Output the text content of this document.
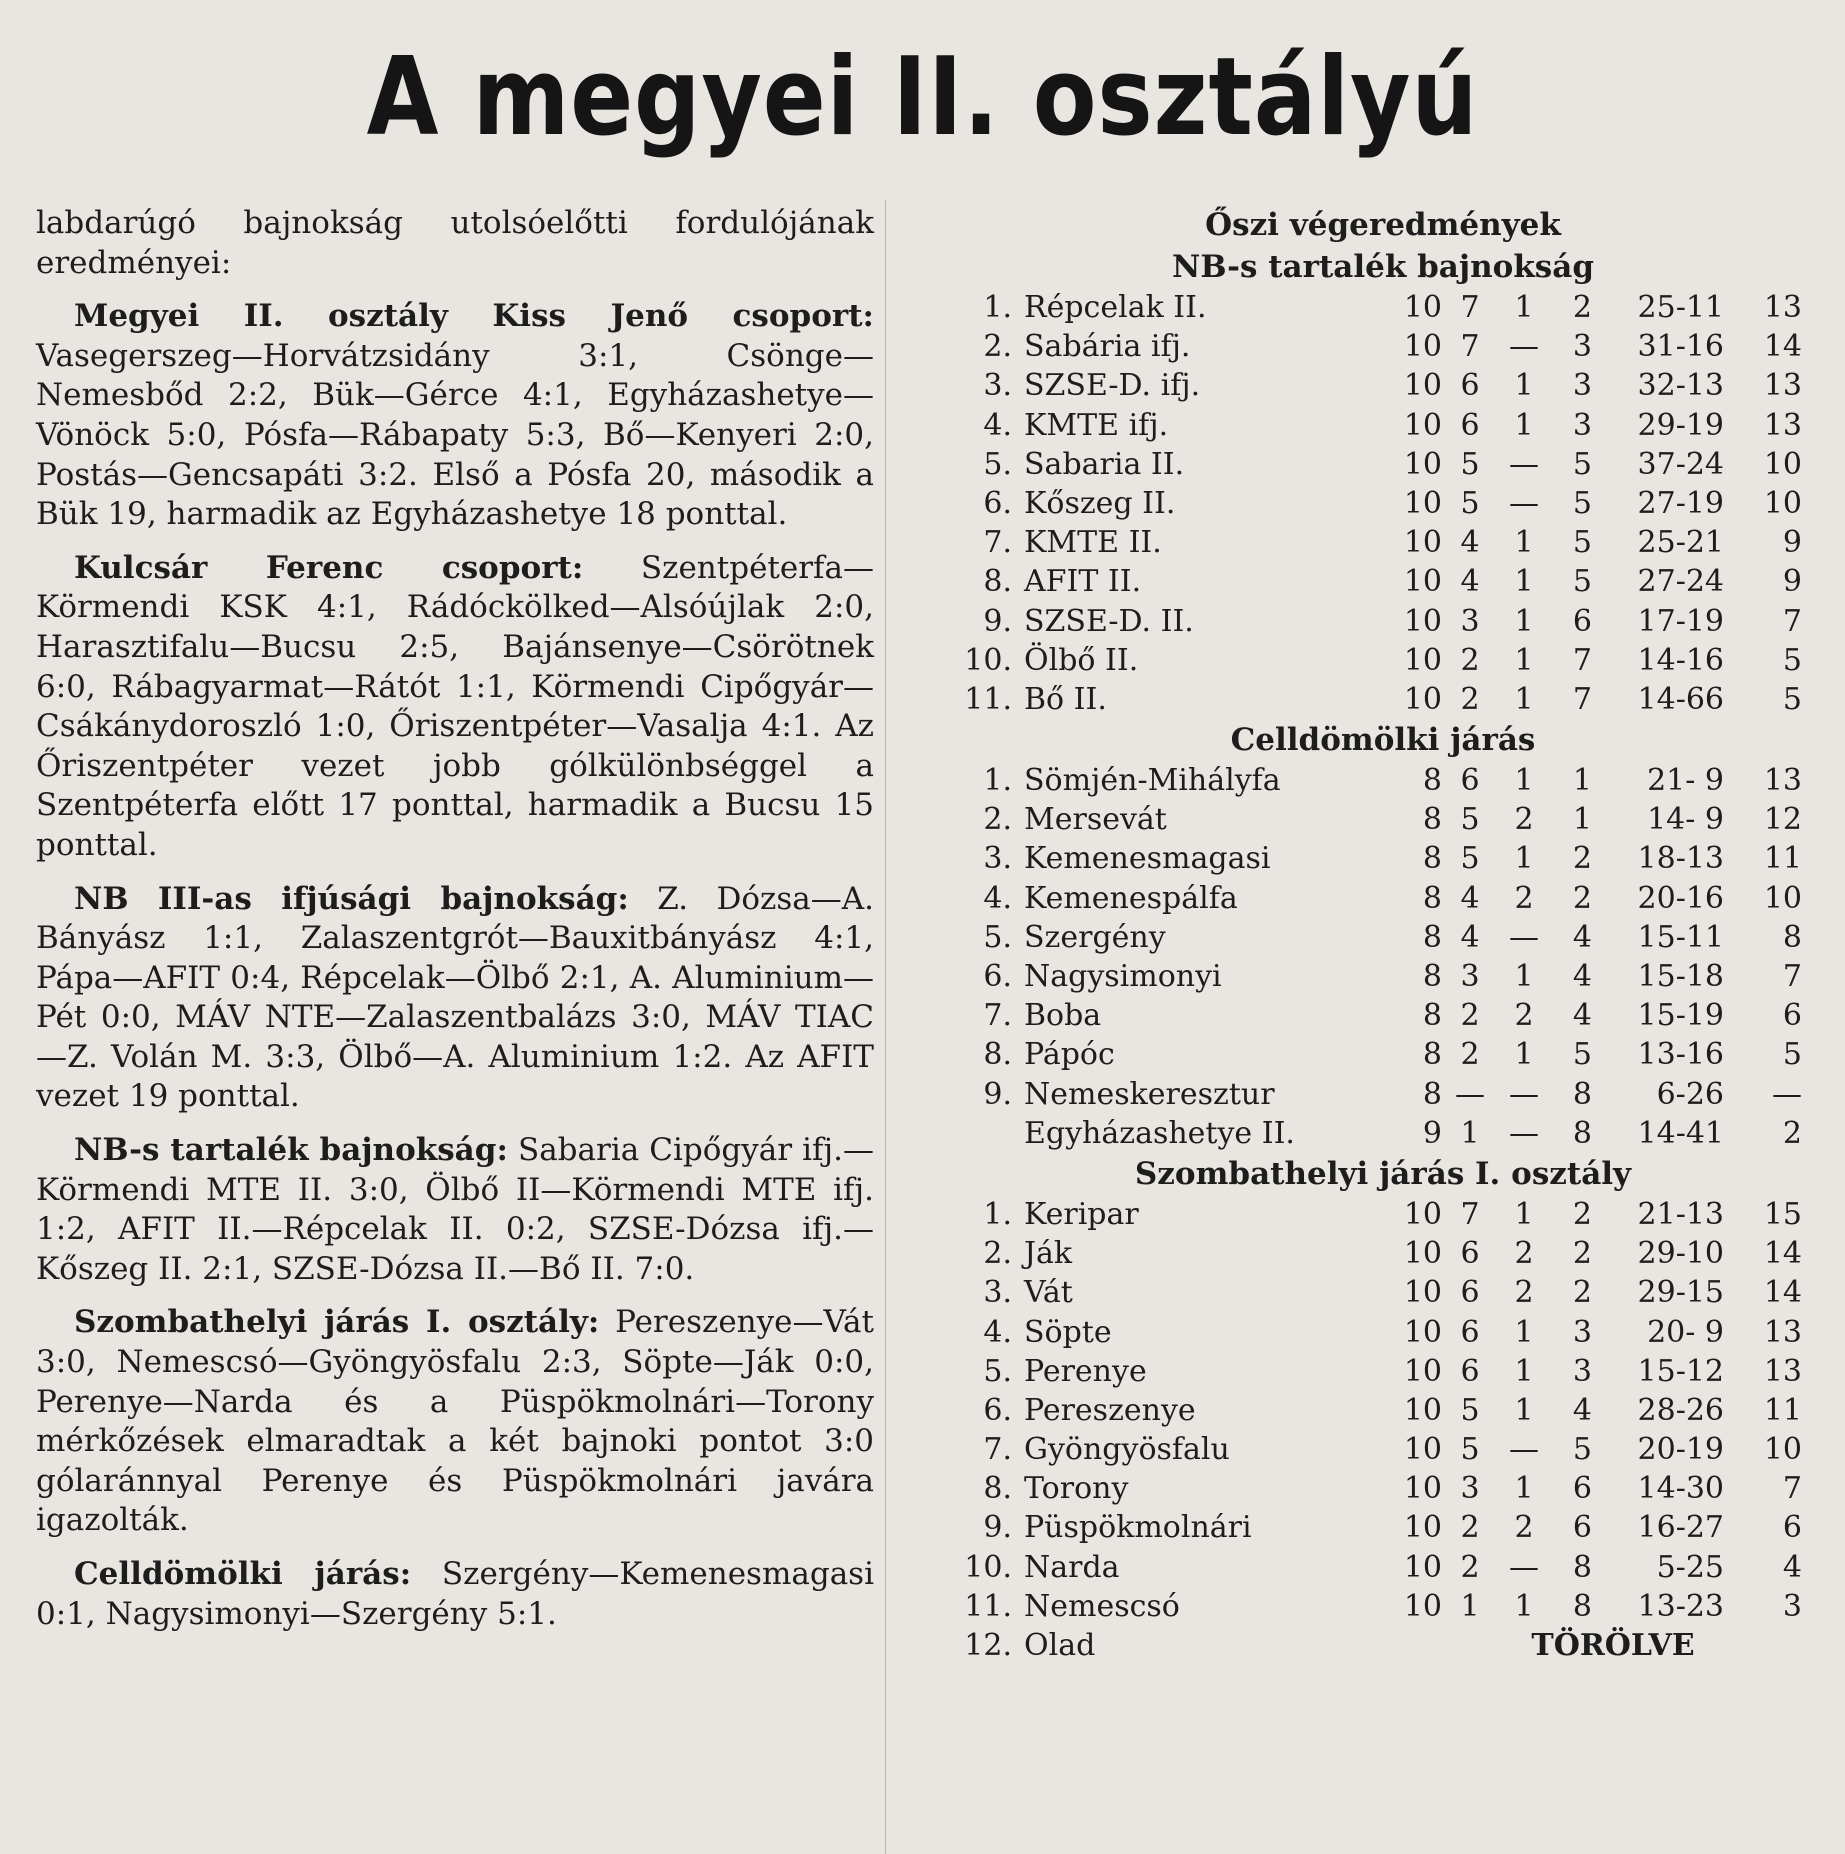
A megyei II. osztályú

labdarúgó bajnokság utolsóelőtti fordulójának eredményei:

Megyei II. osztály Kiss Jenő csoport: Vasegerszeg—Horvátzsidány 3:1, Csönge—Nemesbőd 2:2, Bük—Gérce 4:1, Egyházashetye—Vönöck 5:0, Pósfa—Rábapaty 5:3, Bő—Kenyeri 2:0, Postás—Gencsapáti 3:2. Első a Pósfa 20, második a Bük 19, harmadik az Egyházashetye 18 ponttal.

Kulcsár Ferenc csoport: Szentpéterfa—Körmendi KSK 4:1, Rádóckölked—Alsóújlak 2:0, Harasztifalu—Bucsu 2:5, Bajánsenye—Csörötnek 6:0, Rábagyarmat—Rátót 1:1, Körmendi Cipőgyár—Csákánydoroszló 1:0, Őriszentpéter—Vasalja 4:1. Az Őriszentpéter vezet jobb gólkülönbséggel a Szentpéterfa előtt 17 ponttal, harmadik a Bucsu 15 ponttal.

NB III-as ifjúsági bajnokság: Z. Dózsa—A. Bányász 1:1, Zalaszentgrót—Bauxitbányász 4:1, Pápa—AFIT 0:4, Répcelak—Ölbő 2:1, A. Aluminium—Pét 0:0, MÁV NTE—Zalaszentbalázs 3:0, MÁV TIAC—Z. Volán M. 3:3, Ölbő—A. Aluminium 1:2. Az AFIT vezet 19 ponttal.

NB-s tartalék bajnokság: Sabaria Cipőgyár ifj.—Körmendi MTE II. 3:0, Ölbő II—Körmendi MTE ifj. 1:2, AFIT II.—Répcelak II. 0:2, SZSE-Dózsa ifj.—Kőszeg II. 2:1, SZSE-Dózsa II.—Bő II. 7:0.

Szombathelyi járás I. osztály: Pereszenye—Vát 3:0, Nemescsó—Gyöngyösfalu 2:3, Söpte—Ják 0:0, Perenye—Narda és a Püspökmolnári—Torony mérkőzések elmaradtak a két bajnoki pontot 3:0 gólaránnyal Perenye és Püspökmolnári javára igazolták.

Celldömölki járás: Szergény—Kemenesmagasi 0:1, Nagysimonyi—Szergény 5:1.

Őszi végeredmények
NB-s tartalék bajnokság
1. Répcelak II.	10 7	1	2	25-11	13
2. Sabária ifj.	10 7 —	3	31-16	14
3. SZSE-D. ifj.	10 6	1	3	32-13	13
4. KMTE ifj.	10 6	1	3	29-19	13
5. Sabaria II.	10 5 —	5	37-24	10
6. Kőszeg II.	10 5 —	5	27-19	10
7. KMTE II.	10 4	1	5	25-21	9
8. AFIT II.	10 4	1	5	27-24	9
9. SZSE-D. II.	10 3	1	6	17-19	7
10. Ölbő II.	10 2	1	7	14-16	5
11. Bő II.	10 2	1	7	14-66	5
Celldömölki járás
1. Sömjén-Mihályfa	8 6	1	1	21- 9	13
2. Mersevát	8 5	2	1	14- 9	12
3. Kemenesmagasi	8 5	1	2	18-13	11
4. Kemenespálfa	8 4	2	2	20-16	10
5. Szergény	8 4 —	4	15-11	8
6. Nagysimonyi	8 3	1	4	15-18	7
7. Boba	8 2	2	4	15-19	6
8. Pápóc	8 2	1	5	13-16	5
9. Nemeskeresztur	8 — —	8	6-26	—
Egyházashetye II.	9 1 —	8	14-41	2
Szombathelyi járás I. osztály
1. Keripar	10 7	1	2	21-13	15
2. Ják	10 6	2	2	29-10	14
3. Vát	10 6	2	2	29-15	14
4. Söpte	10 6	1	3	20- 9	13
5. Perenye	10 6	1	3	15-12	13
6. Pereszenye	10 5	1	4	28-26	11
7. Gyöngyösfalu	10 5 —	5	20-19	10
8. Torony	10 3	1	6	14-30	7
9. Püspökmolnári	10 2	2	6	16-27	6
10. Narda	10 2 —	8	5-25	4
11. Nemescsó	10 1	1	8	13-23	3
12. Olad	TÖRÖLVE
